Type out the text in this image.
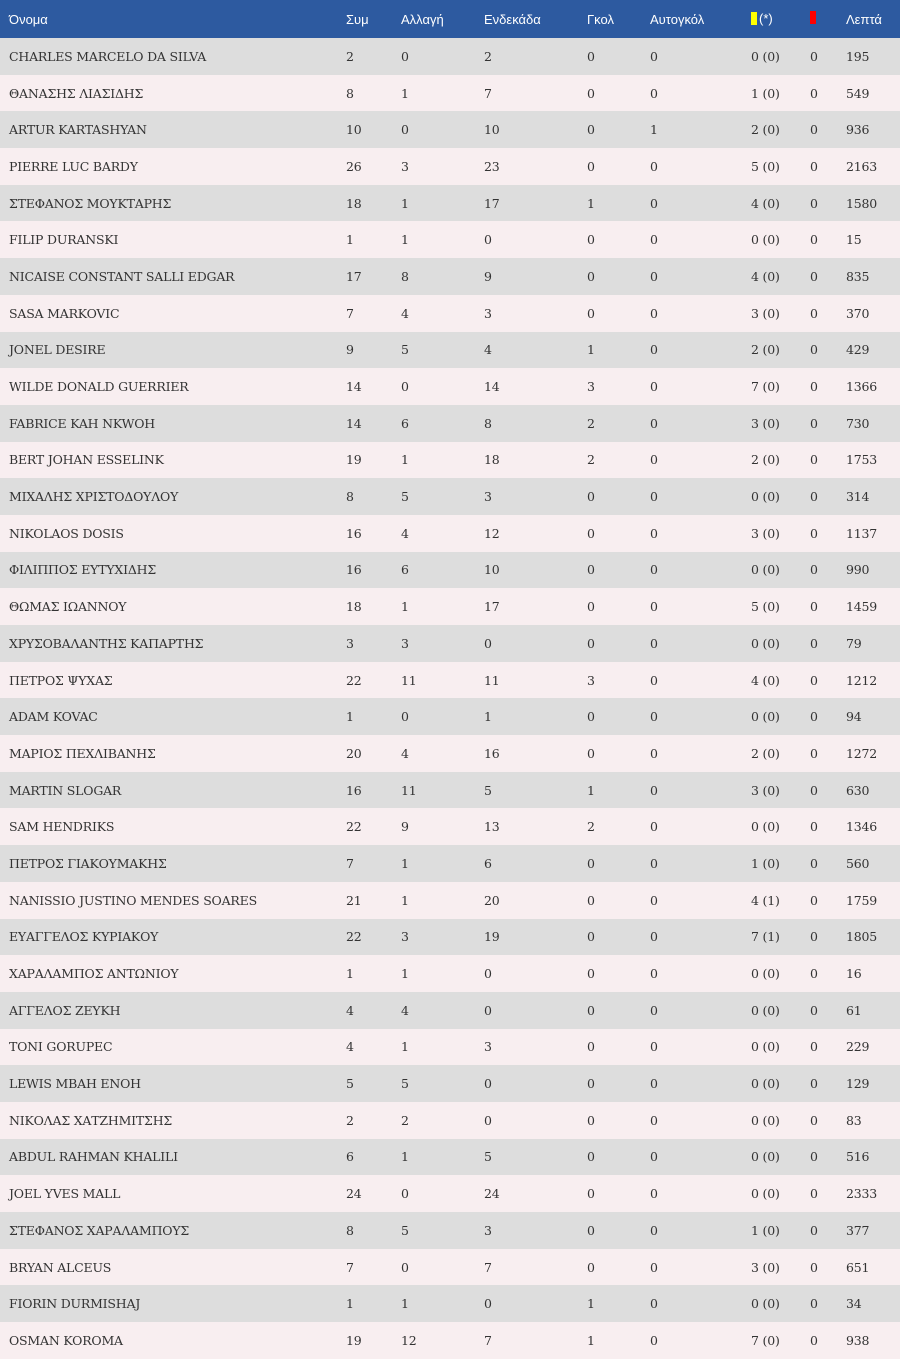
Όνομα	Συμ	Αλλαγή	Ενδεκάδα	Γκολ	Αυτογκόλ	(*)		Λεπτά
CHARLES MARCELO DA SILVA	2	0	2	0	0	0 (0)	0	195
ΘΑΝΑΣΗΣ ΛΙΑΣΙΔΗΣ	8	1	7	0	0	1 (0)	0	549
ARTUR KARTASHYAN	10	0	10	0	1	2 (0)	0	936
PIERRE LUC BARDY	26	3	23	0	0	5 (0)	0	2163
ΣΤΕΦΑΝΟΣ ΜΟΥΚΤΑΡΗΣ	18	1	17	1	0	4 (0)	0	1580
FILIP DURANSKI	1	1	0	0	0	0 (0)	0	15
NICAISE CONSTANT SALLI EDGAR	17	8	9	0	0	4 (0)	0	835
SASA MARKOVIC	7	4	3	0	0	3 (0)	0	370
JONEL DESIRE	9	5	4	1	0	2 (0)	0	429
WILDE DONALD GUERRIER	14	0	14	3	0	7 (0)	0	1366
FABRICE KAH NKWOH	14	6	8	2	0	3 (0)	0	730
BERT JOHAN ESSELINK	19	1	18	2	0	2 (0)	0	1753
ΜΙΧΑΛΗΣ ΧΡΙΣΤΟΔΟΥΛΟΥ	8	5	3	0	0	0 (0)	0	314
NIKOLAOS DOSIS	16	4	12	0	0	3 (0)	0	1137
ΦΙΛΙΠΠΟΣ ΕΥΤΥΧΙΔΗΣ	16	6	10	0	0	0 (0)	0	990
ΘΩΜΑΣ ΙΩΑΝΝΟΥ	18	1	17	0	0	5 (0)	0	1459
ΧΡΥΣΟΒΑΛΑΝΤΗΣ ΚΑΠΑΡΤΗΣ	3	3	0	0	0	0 (0)	0	79
ΠΕΤΡΟΣ ΨΥΧΑΣ	22	11	11	3	0	4 (0)	0	1212
ADAM KOVAC	1	0	1	0	0	0 (0)	0	94
ΜΑΡΙΟΣ ΠΕΧΛΙΒΑΝΗΣ	20	4	16	0	0	2 (0)	0	1272
MARTIN SLOGAR	16	11	5	1	0	3 (0)	0	630
SAM HENDRIKS	22	9	13	2	0	0 (0)	0	1346
ΠΕΤΡΟΣ ΓΙΑΚΟΥΜΑΚΗΣ	7	1	6	0	0	1 (0)	0	560
NANISSIO JUSTINO MENDES SOARES	21	1	20	0	0	4 (1)	0	1759
ΕΥΑΓΓΕΛΟΣ ΚΥΡΙΑΚΟΥ	22	3	19	0	0	7 (1)	0	1805
ΧΑΡΑΛΑΜΠΟΣ ΑΝΤΩΝΙΟΥ	1	1	0	0	0	0 (0)	0	16
ΑΓΓΕΛΟΣ ΖΕΥΚΗ	4	4	0	0	0	0 (0)	0	61
TONI GORUPEC	4	1	3	0	0	0 (0)	0	229
LEWIS MBAH ENOH	5	5	0	0	0	0 (0)	0	129
ΝΙΚΟΛΑΣ ΧΑΤΖΗΜΙΤΣΗΣ	2	2	0	0	0	0 (0)	0	83
ABDUL RAHMAN KHALILI	6	1	5	0	0	0 (0)	0	516
JOEL YVES MALL	24	0	24	0	0	0 (0)	0	2333
ΣΤΕΦΑΝΟΣ ΧΑΡΑΛΑΜΠΟΥΣ	8	5	3	0	0	1 (0)	0	377
BRYAN ALCEUS	7	0	7	0	0	3 (0)	0	651
FIORIN DURMISHAJ	1	1	0	1	0	0 (0)	0	34
OSMAN KOROMA	19	12	7	1	0	7 (0)	0	938
